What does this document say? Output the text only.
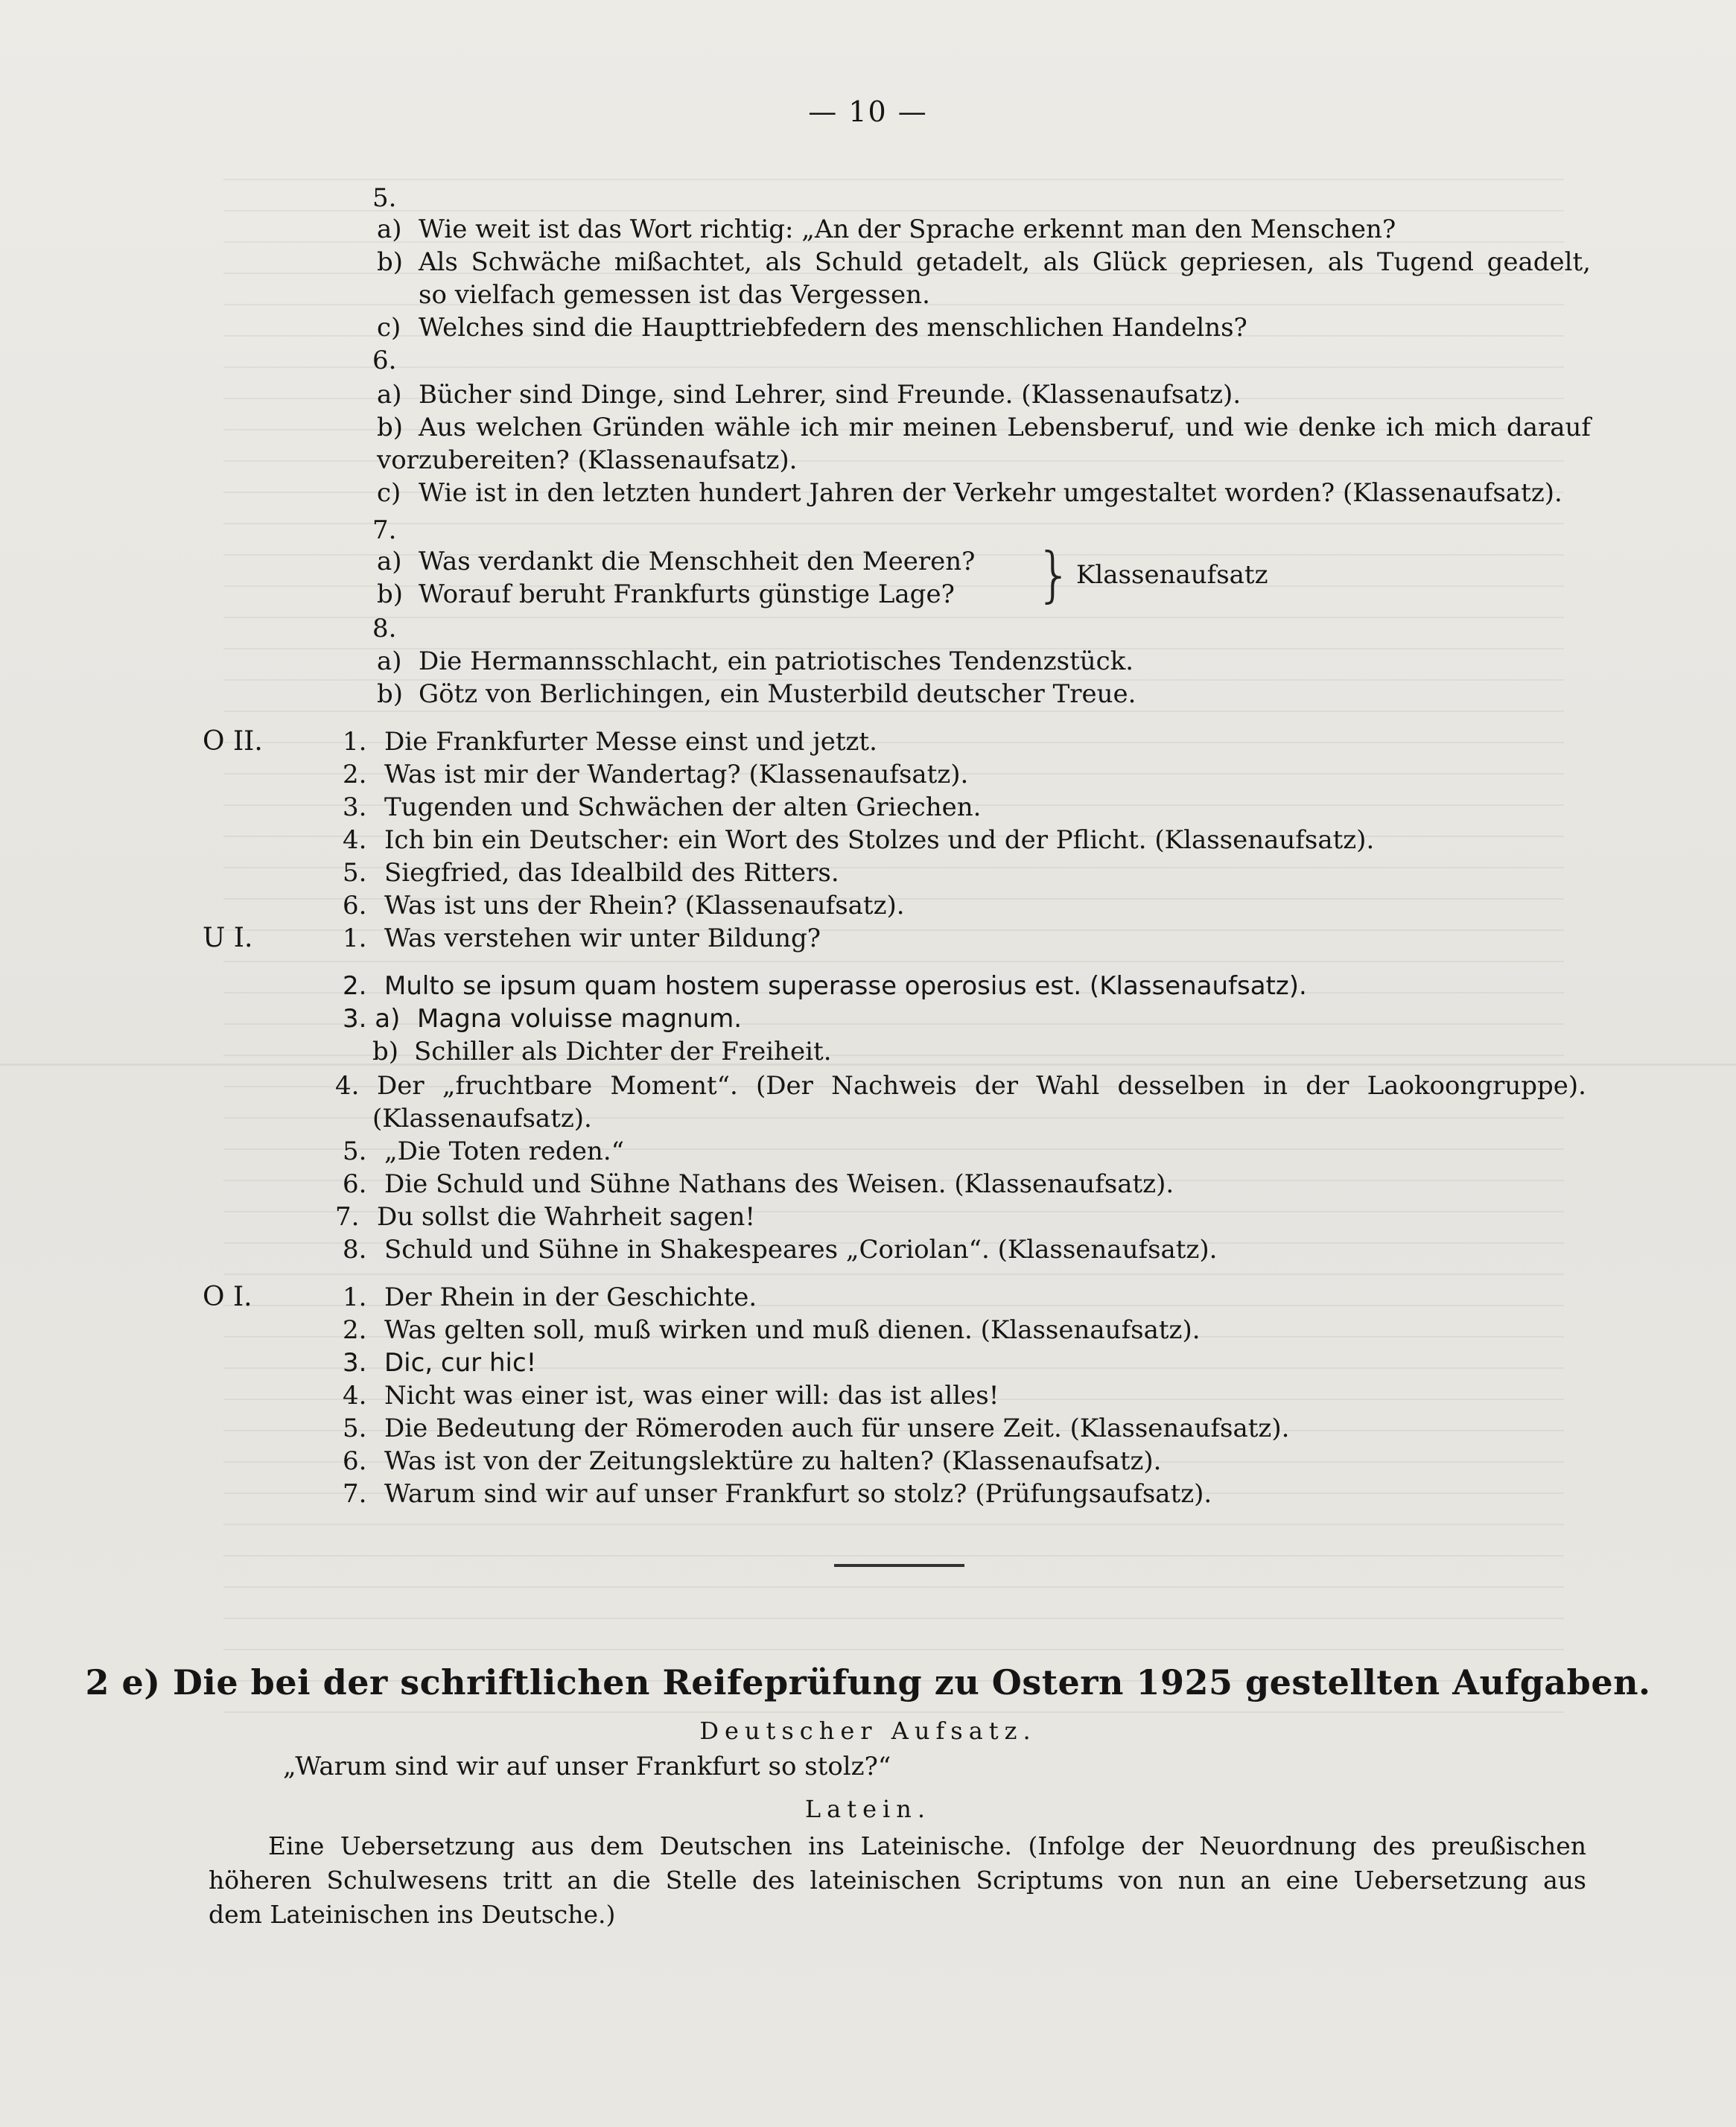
— 10 —
5.
a) Wie weit ist das Wort richtig: „An der Sprache erkennt man den Menschen?
b) Als Schwäche mißachtet, als Schuld getadelt, als Glück gepriesen, als Tugend geadelt,
so vielfach gemessen ist das Vergessen.
c) Welches sind die Haupttriebfedern des menschlichen Handelns?
6.
a) Bücher sind Dinge, sind Lehrer, sind Freunde. (Klassenaufsatz).
b) Aus welchen Gründen wähle ich mir meinen Lebensberuf, und wie denke ich mich darauf
vorzubereiten? (Klassenaufsatz).
c) Wie ist in den letzten hundert Jahren der Verkehr umgestaltet worden? (Klassenaufsatz).
7.
a) Was verdankt die Menschheit den Meeren?
b) Worauf beruht Frankfurts günstige Lage? } Klassenaufsatz
8.
a) Die Hermannsschlacht, ein patriotisches Tendenzstück.
b) Götz von Berlichingen, ein Musterbild deutscher Treue.
O II.	1. Die Frankfurter Messe einst und jetzt.
2. Was ist mir der Wandertag? (Klassenaufsatz).
3. Tugenden und Schwächen der alten Griechen.
4. Ich bin ein Deutscher: ein Wort des Stolzes und der Pflicht. (Klassenaufsatz).
5. Siegfried, das Idealbild des Ritters.
6. Was ist uns der Rhein? (Klassenaufsatz).
U I.	1. Was verstehen wir unter Bildung?
2. Multo se ipsum quam hostem superasse operosius est. (Klassenaufsatz).
3. a) Magna voluisse magnum.
b) Schiller als Dichter der Freiheit.
4. Der „fruchtbare Moment“. (Der Nachweis der Wahl desselben in der Laokoongruppe).
(Klassenaufsatz).
5. „Die Toten reden.“
6. Die Schuld und Sühne Nathans des Weisen. (Klassenaufsatz).
7. Du sollst die Wahrheit sagen!
8. Schuld und Sühne in Shakespeares „Coriolan“. (Klassenaufsatz).
O I.	1. Der Rhein in der Geschichte.
2. Was gelten soll, muß wirken und muß dienen. (Klassenaufsatz).
3. Dic, cur hic!
4. Nicht was einer ist, was einer will: das ist alles!
5. Die Bedeutung der Römeroden auch für unsere Zeit. (Klassenaufsatz).
6. Was ist von der Zeitungslektüre zu halten? (Klassenaufsatz).
7. Warum sind wir auf unser Frankfurt so stolz? (Prüfungsaufsatz).
2 e) Die bei der schriftlichen Reifeprüfung zu Ostern 1925 gestellten Aufgaben.
Deutscher Aufsatz.
„Warum sind wir auf unser Frankfurt so stolz?“
Latein.
Eine Uebersetzung aus dem Deutschen ins Lateinische. (Infolge der Neuordnung des preußischen
höheren Schulwesens tritt an die Stelle des lateinischen Scriptums von nun an eine Uebersetzung aus
dem Lateinischen ins Deutsche.)
